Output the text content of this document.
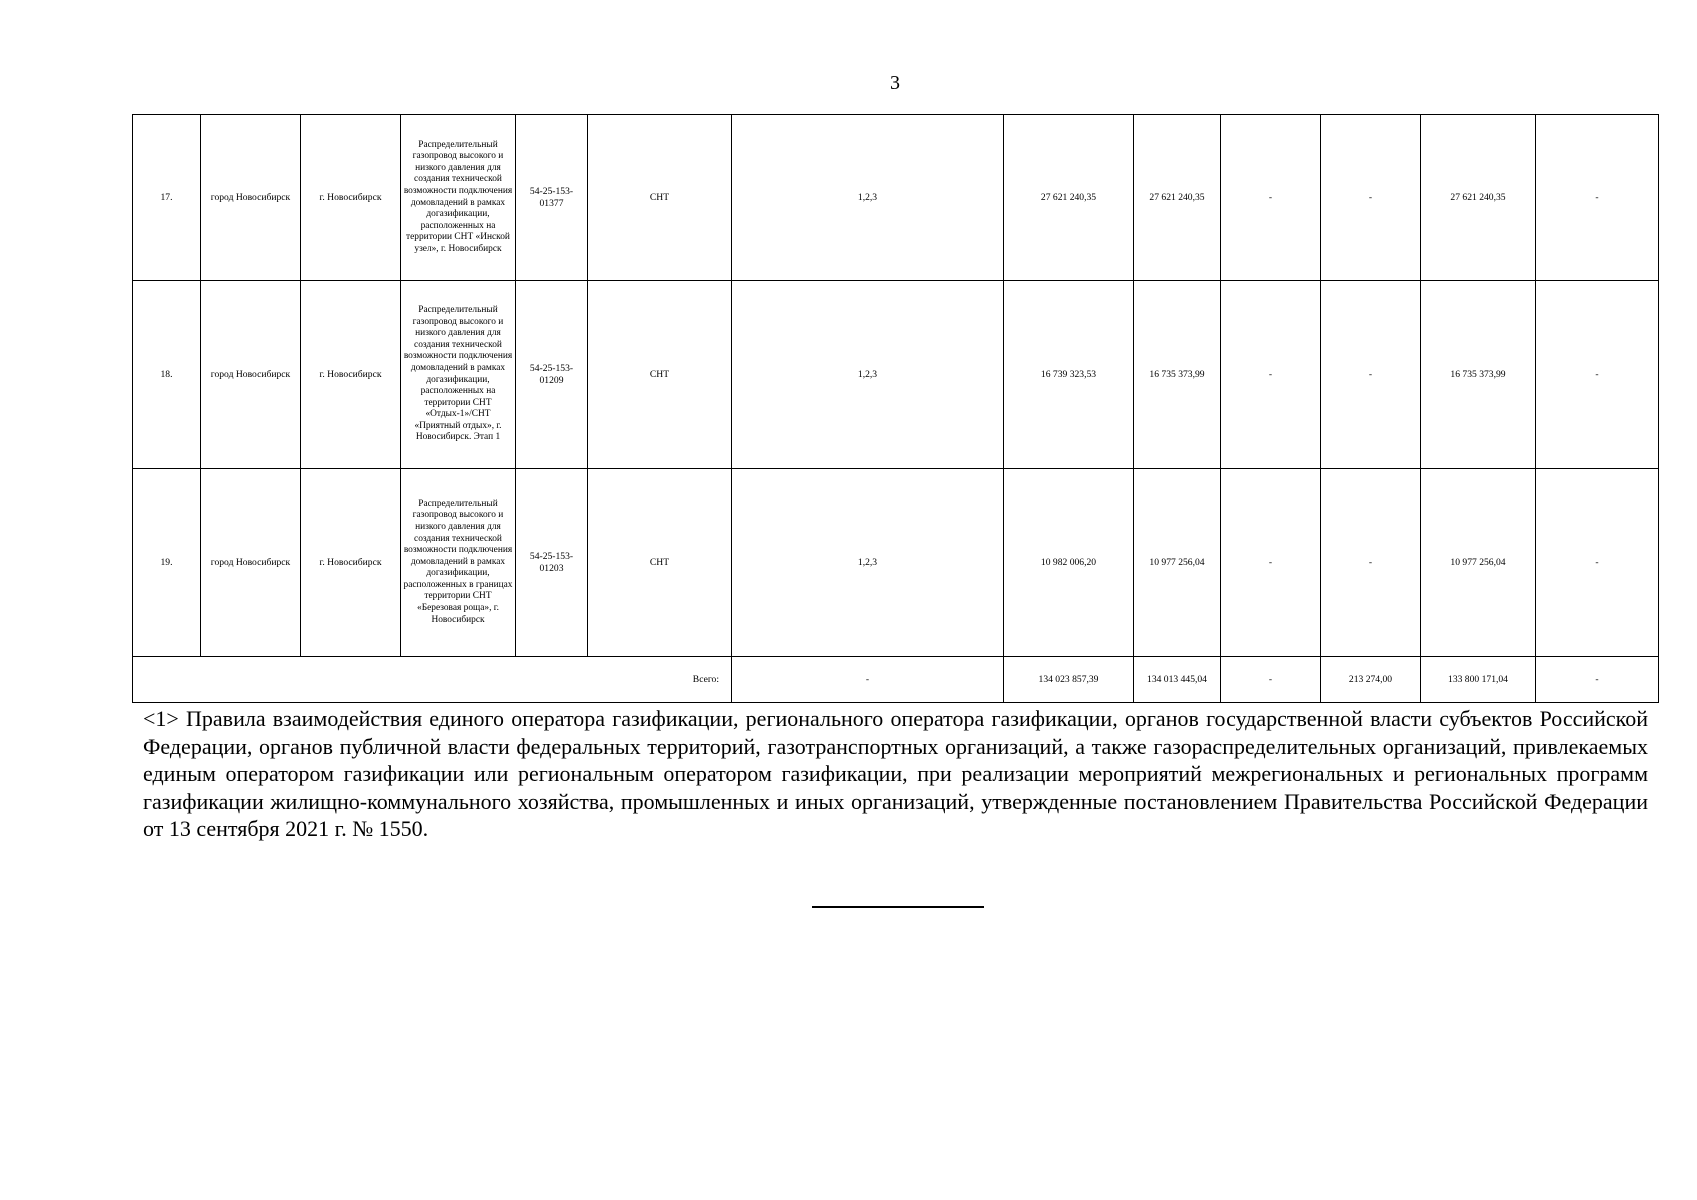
3
17.	город Новосибирск	г. Новосибирск	Распределительный газопровод высокого и низкого давления для создания технической возможности подключения домовладений в рамках догазификации, расположенных на территории СНТ «Инской узел», г. Новосибирск	54-25-153-01377	СНТ	1,2,3	27 621 240,35	27 621 240,35	-	-	27 621 240,35	-
18.	город Новосибирск	г. Новосибирск	Распределительный газопровод высокого и низкого давления для создания технической возможности подключения домовладений в рамках догазификации, расположенных на территории СНТ «Отдых-1»/СНТ «Приятный отдых», г. Новосибирск. Этап 1	54-25-153-01209	СНТ	1,2,3	16 739 323,53	16 735 373,99	-	-	16 735 373,99	-
19.	город Новосибирск	г. Новосибирск	Распределительный газопровод высокого и низкого давления для создания технической возможности подключения домовладений в рамках догазификации, расположенных в границах территории СНТ «Березовая роща», г. Новосибирск	54-25-153-01203	СНТ	1,2,3	10 982 006,20	10 977 256,04	-	-	10 977 256,04	-
Всего:						-	134 023 857,39	134 013 445,04	-	213 274,00	133 800 171,04	-
<1> Правила взаимодействия единого оператора газификации, регионального оператора газификации, органов государственной власти субъектов Российской Федерации, органов публичной власти федеральных территорий, газотранспортных организаций, а также газораспределительных организаций, привлекаемых единым оператором газификации или региональным оператором газификации, при реализации мероприятий межрегиональных и региональных программ газификации жилищно-коммунального хозяйства, промышленных и иных организаций, утвержденные постановлением Правительства Российской Федерации от 13 сентября 2021 г. № 1550.
